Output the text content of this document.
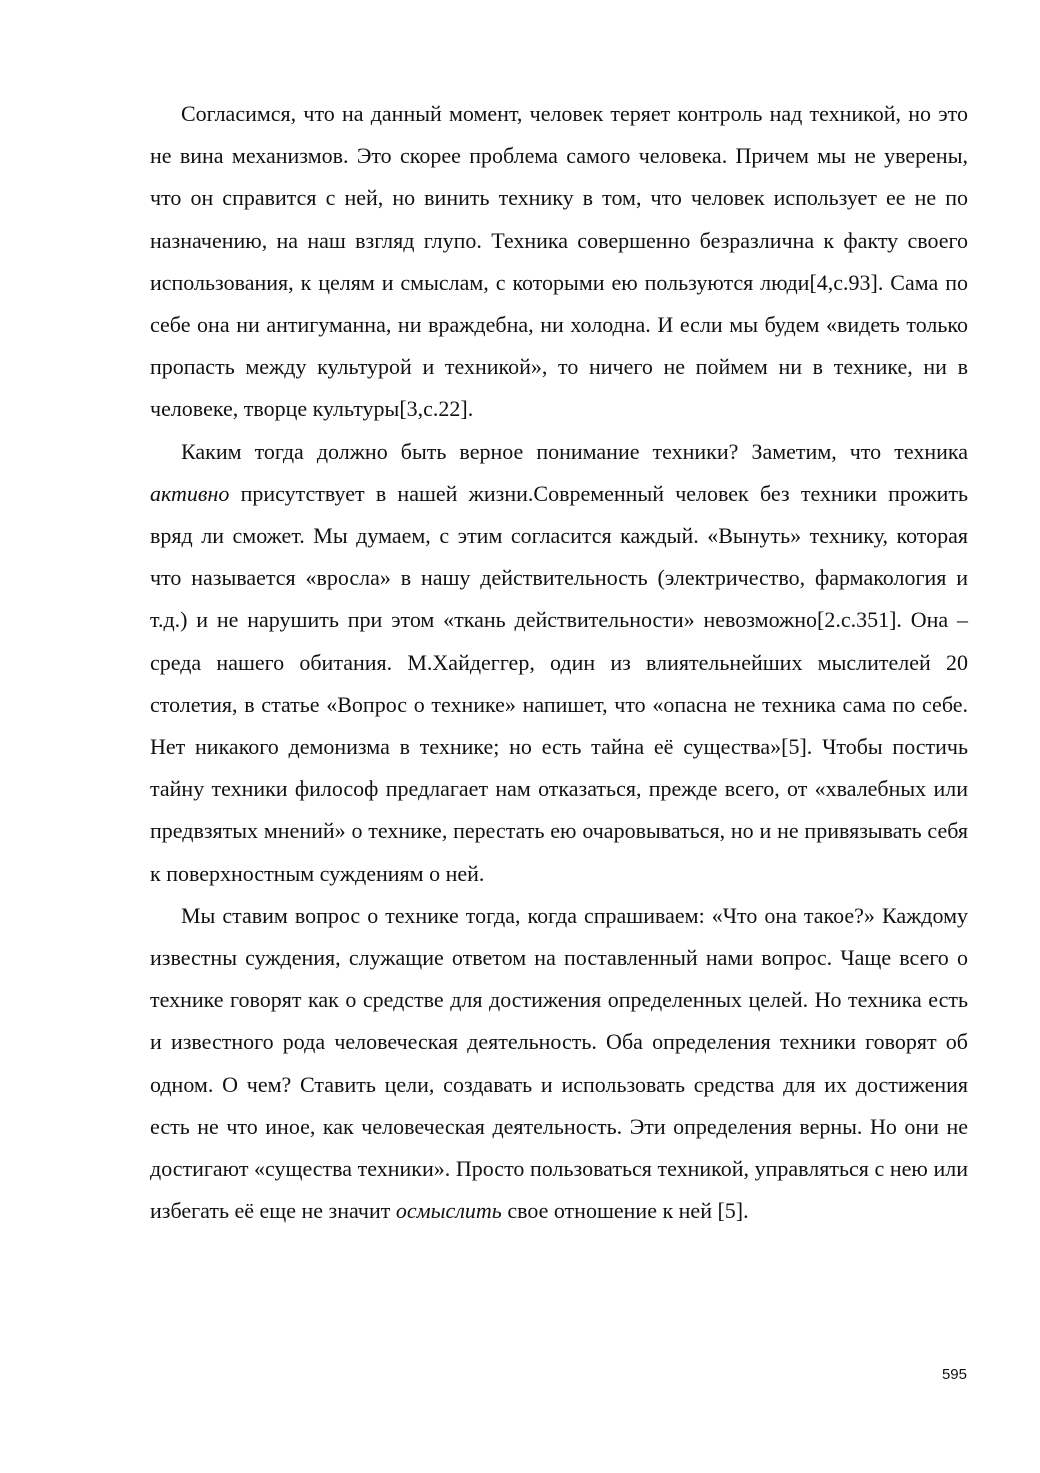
Согласимся, что на данный момент, человек теряет контроль над техникой, но это не вина механизмов. Это скорее проблема самого человека. Причем мы не уверены, что он справится с ней, но винить технику в том, что человек использует ее не по назначению, на наш взгляд глупо. Техника совершенно безразлична к факту своего использования, к целям и смыслам, с которыми ею пользуются люди[4,с.93]. Сама по себе она ни антигуманна, ни враждебна, ни холодна. И если мы будем «видеть только пропасть между культурой и техникой», то ничего не поймем ни в технике, ни в человеке, творце культуры[3,с.22].

Каким тогда должно быть верное понимание техники? Заметим, что техника активно присутствует в нашей жизни.Современный человек без техники прожить вряд ли сможет. Мы думаем, с этим согласится каждый. «Вынуть» технику, которая что называется «вросла» в нашу действительность (электричество, фармакология и т.д.) и не нарушить при этом «ткань действительности» невозможно[2.с.351]. Она – среда нашего обитания. М.Хайдеггер, один из влиятельнейших мыслителей 20 столетия, в статье «Вопрос о технике» напишет, что «опасна не техника сама по себе. Нет никакого демонизма в технике; но есть тайна её существа»[5]. Чтобы постичь тайну техники философ предлагает нам отказаться, прежде всего, от «хвалебных или предвзятых мнений» о технике, перестать ею очаровываться, но и не привязывать себя к поверхностным суждениям о ней.

Мы ставим вопрос о технике тогда, когда спрашиваем: «Что она такое?» Каждому известны суждения, служащие ответом на поставленный нами вопрос. Чаще всего о технике говорят как о средстве для достижения определенных целей. Но техника есть и известного рода человеческая деятельность. Оба определения техники говорят об одном. О чем? Ставить цели, создавать и использовать средства для их достижения есть не что иное, как человеческая деятельность. Эти определения верны. Но они не достигают «существа техники». Просто пользоваться техникой, управляться с нею или избегать её еще не значит осмыслить свое отношение к ней [5].

595
